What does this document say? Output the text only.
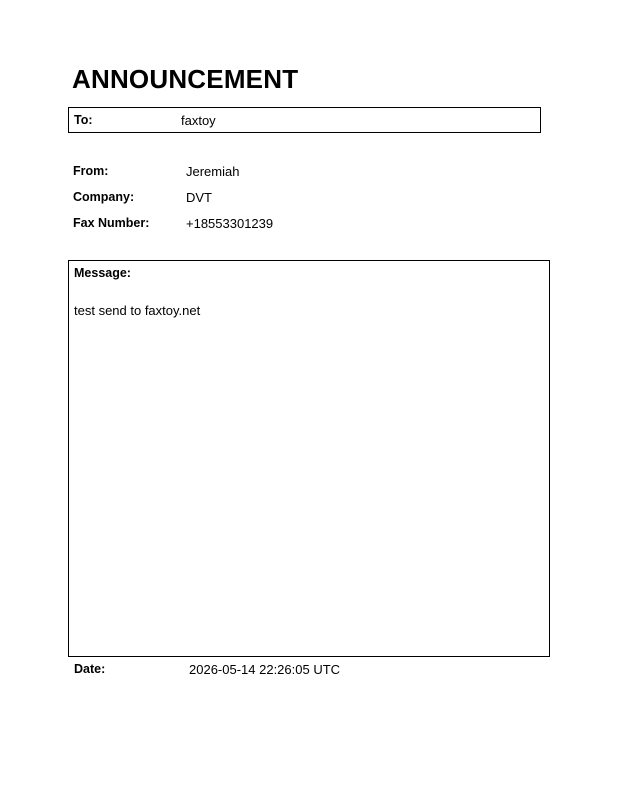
ANNOUNCEMENT
To:	faxtoy
From:	Jeremiah
Company:	DVT
Fax Number:	+18553301239
Message:
test send to faxtoy.net
Date:	2026-05-14 22:26:05 UTC
